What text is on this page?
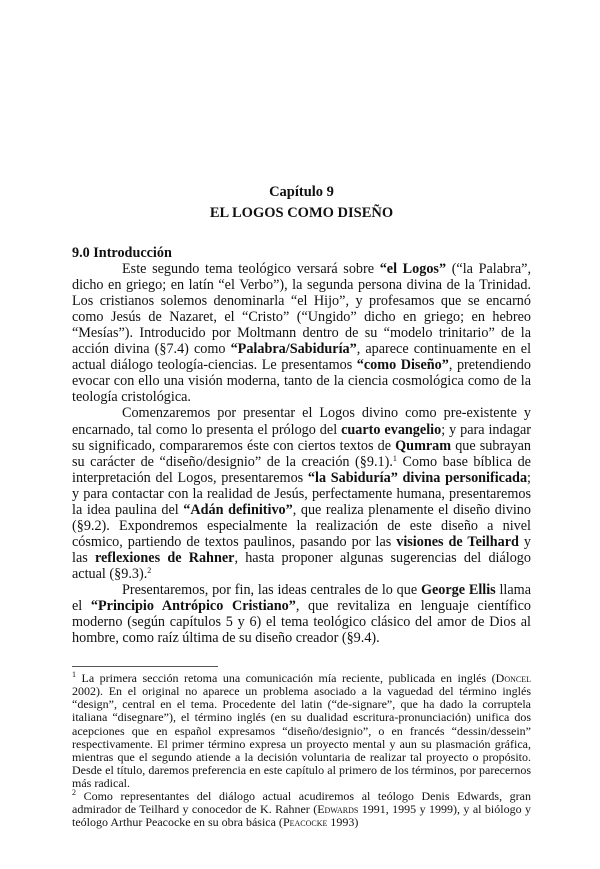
Capítulo 9
EL LOGOS COMO DISEÑO
9.0 Introducción

Este segundo tema teológico versará sobre “el Logos” (“la Palabra”, dicho en griego; en latín “el Verbo”), la segunda persona divina de la Trinidad. Los cristianos solemos denominarla “el Hijo”, y profesamos que se encarnó como Jesús de Nazaret, el “Cristo” (“Ungido” dicho en griego; en hebreo “Mesías”). Introducido por Moltmann dentro de su “modelo trinitario” de la acción divina (§7.4) como “Palabra/Sabiduría”, aparece continuamente en el actual diálogo teología-ciencias. Le presentamos “como Diseño”, pretendiendo evocar con ello una visión moderna, tanto de la ciencia cosmológica como de la teología cristológica.

Comenzaremos por presentar el Logos divino como pre-existente y encarnado, tal como lo presenta el prólogo del cuarto evangelio; y para indagar su significado, compararemos éste con ciertos textos de Qumram que subrayan su carácter de “diseño/designio” de la creación (§9.1).$^1$ Como base bíblica de interpretación del Logos, presentaremos “la Sabiduría” divina personificada; y para contactar con la realidad de Jesús, perfectamente humana, presentaremos la idea paulina del “Adán definitivo”, que realiza plenamente el diseño divino (§9.2). Expondremos especialmente la realización de este diseño a nivel cósmico, partiendo de textos paulinos, pasando por las visiones de Teilhard y las reflexiones de Rahner, hasta proponer algunas sugerencias del diálogo actual (§9.3).$^2$

Presentaremos, por fin, las ideas centrales de lo que George Ellis llama el “Principio Antrópico Cristiano”, que revitaliza en lenguaje científico moderno (según capítulos 5 y 6) el tema teológico clásico del amor de Dios al hombre, como raíz última de su diseño creador (§9.4).

$^1$ La primera sección retoma una comunicación mía reciente, publicada en inglés (Doncel 2002). En el original no aparece un problema asociado a la vaguedad del término inglés “design”, central en el tema. Procedente del latin (“de-signare”, que ha dado la corruptela italiana “disegnare”), el término inglés (en su dualidad escritura-pronunciación) unifica dos acepciones que en español expresamos “diseño/designio”, o en francés “dessin/dessein” respectivamente. El primer término expresa un proyecto mental y aun su plasmación gráfica, mientras que el segundo atiende a la decisión voluntaria de realizar tal proyecto o propósito. Desde el título, daremos preferencia en este capítulo al primero de los términos, por parecernos más radical.

$^2$ Como representantes del diálogo actual acudiremos al teólogo Denis Edwards, gran admirador de Teilhard y conocedor de K. Rahner (Edwards 1991, 1995 y 1999), y al biólogo y teólogo Arthur Peacocke en su obra básica (Peacocke 1993)
